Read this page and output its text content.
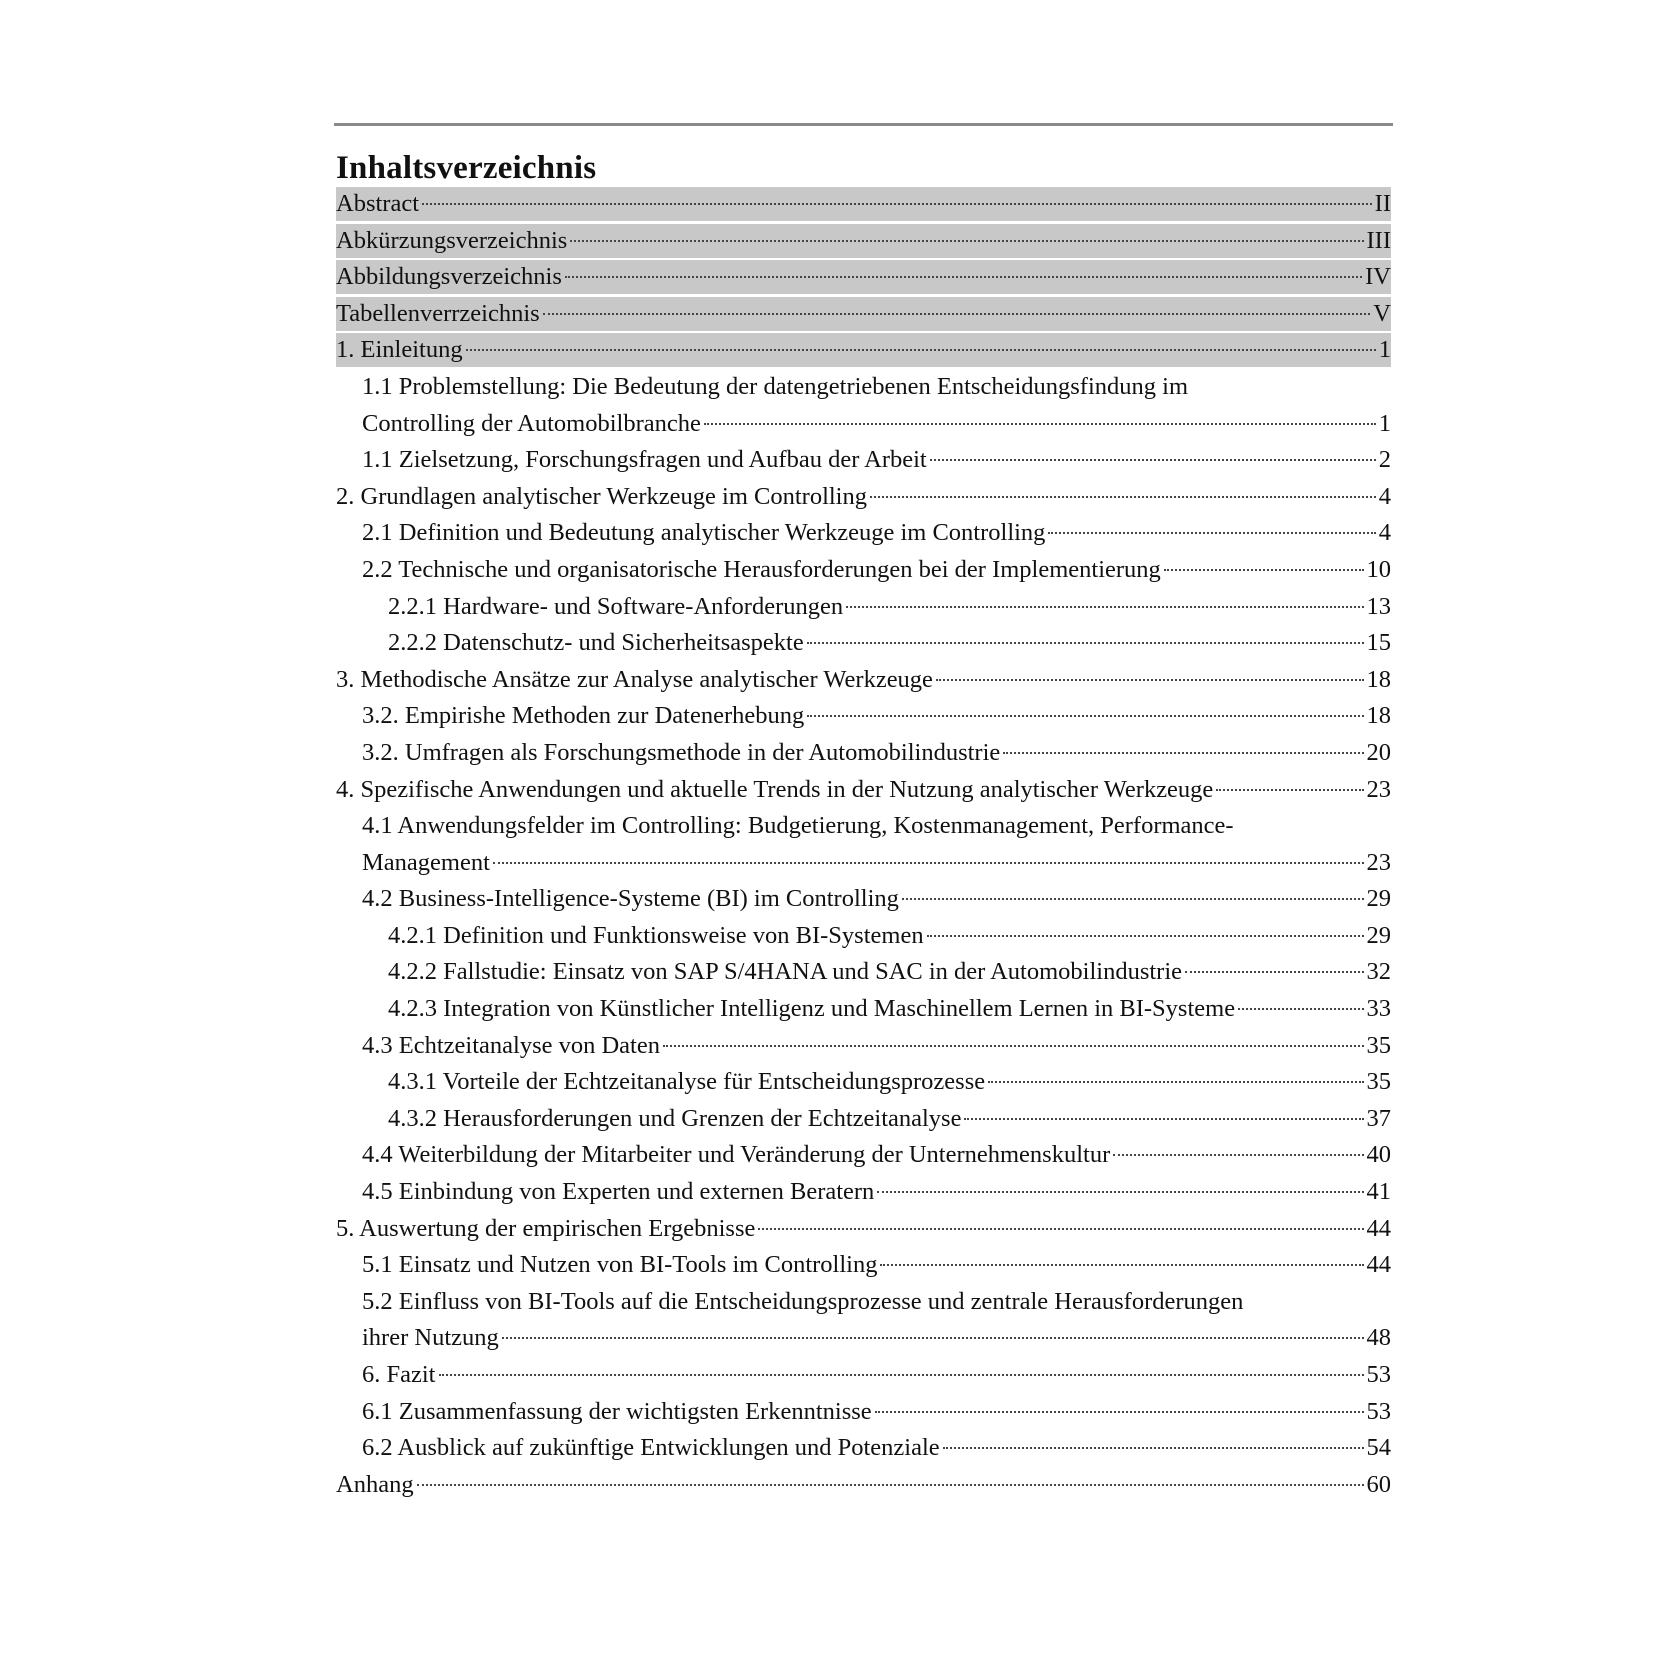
Inhaltsverzeichnis
Abstract	II
Abkürzungsverzeichnis	III
Abbildungsverzeichnis	IV
Tabellenverrzeichnis	V
1. Einleitung	1
1.1 Problemstellung: Die Bedeutung der datengetriebenen Entscheidungsfindung im
Controlling der Automobilbranche	1
1.1 Zielsetzung, Forschungsfragen und Aufbau der Arbeit	2
2. Grundlagen analytischer Werkzeuge im Controlling	4
2.1 Definition und Bedeutung analytischer Werkzeuge im Controlling	4
2.2 Technische und organisatorische Herausforderungen bei der Implementierung	10
2.2.1 Hardware- und Software-Anforderungen	13
2.2.2 Datenschutz- und Sicherheitsaspekte	15
3. Methodische Ansätze zur Analyse analytischer Werkzeuge	18
3.2. Empirishe Methoden zur Datenerhebung	18
3.2. Umfragen als Forschungsmethode in der Automobilindustrie	20
4. Spezifische Anwendungen und aktuelle Trends in der Nutzung analytischer Werkzeuge	23
4.1 Anwendungsfelder im Controlling: Budgetierung, Kostenmanagement, Performance-
Management	23
4.2 Business-Intelligence-Systeme (BI) im Controlling	29
4.2.1 Definition und Funktionsweise von BI-Systemen	29
4.2.2 Fallstudie: Einsatz von SAP S/4HANA und SAC in der Automobilindustrie	32
4.2.3 Integration von Künstlicher Intelligenz und Maschinellem Lernen in BI-Systeme	33
4.3 Echtzeitanalyse von Daten	35
4.3.1 Vorteile der Echtzeitanalyse für Entscheidungsprozesse	35
4.3.2 Herausforderungen und Grenzen der Echtzeitanalyse	37
4.4 Weiterbildung der Mitarbeiter und Veränderung der Unternehmenskultur	40
4.5 Einbindung von Experten und externen Beratern	41
5. Auswertung der empirischen Ergebnisse	44
5.1 Einsatz und Nutzen von BI-Tools im Controlling	44
5.2 Einfluss von BI-Tools auf die Entscheidungsprozesse und zentrale Herausforderungen
ihrer Nutzung	48
6. Fazit	53
6.1 Zusammenfassung der wichtigsten Erkenntnisse	53
6.2 Ausblick auf zukünftige Entwicklungen und Potenziale	54
Anhang	60
